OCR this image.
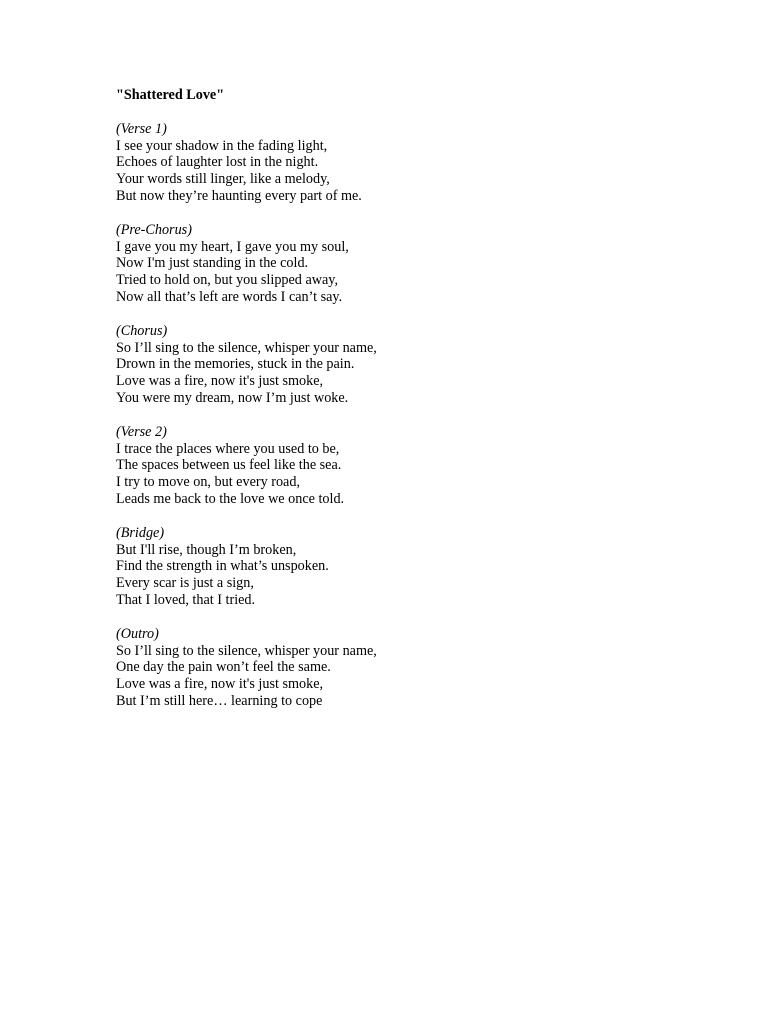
"Shattered Love"
(Verse 1)
I see your shadow in the fading light,
Echoes of laughter lost in the night.
Your words still linger, like a melody,
But now they’re haunting every part of me.
(Pre-Chorus)
I gave you my heart, I gave you my soul,
Now I'm just standing in the cold.
Tried to hold on, but you slipped away,
Now all that’s left are words I can’t say.
(Chorus)
So I’ll sing to the silence, whisper your name,
Drown in the memories, stuck in the pain.
Love was a fire, now it's just smoke,
You were my dream, now I’m just woke.
(Verse 2)
I trace the places where you used to be,
The spaces between us feel like the sea.
I try to move on, but every road,
Leads me back to the love we once told.
(Bridge)
But I'll rise, though I’m broken,
Find the strength in what’s unspoken.
Every scar is just a sign,
That I loved, that I tried.
(Outro)
So I’ll sing to the silence, whisper your name,
One day the pain won’t feel the same.
Love was a fire, now it's just smoke,
But I’m still here… learning to cope
